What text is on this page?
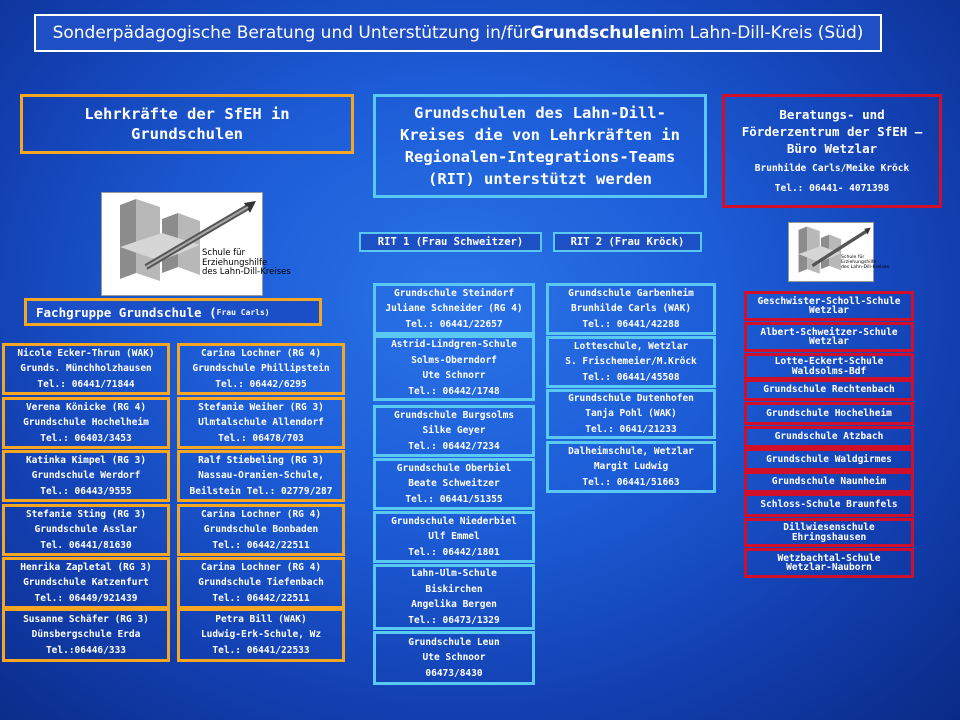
Sonderpädagogische Beratung und Unterstützung in/für Grundschulen im Lahn-Dill-Kreis (Süd)
Lehrkräfte der SfEH in Grundschulen
Grundschulen des Lahn-Dill-Kreises die von Lehrkräften in Regionalen-Integrations-Teams (RIT) unterstützt werden
Beratungs- und Förderzentrum der SfEH – Büro Wetzlar
Brunhilde Carls/Meike Kröck
Tel.: 06441- 4071398
Schule für
Erziehungshilfe
des Lahn-Dill-Kreises
Schule für
Erziehungshilfe
des Lahn-Dill-Kreises
Fachgruppe Grundschule ( Frau Carls)
RIT 1 (Frau Schweitzer)	RIT 2 (Frau Kröck)
Nicole Ecker-Thrun (WAK)
Grunds. Münchholzhausen
Tel.: 06441/71844
Verena Könicke (RG 4)
Grundschule Hochelheim
Tel.: 06403/3453
Katinka Kimpel (RG 3)
Grundschule Werdorf
Tel.: 06443/9555
Stefanie Sting (RG 3)
Grundschule Asslar
Tel. 06441/81630
Henrika Zapletal (RG 3)
Grundschule Katzenfurt
Tel.: 06449/921439
Susanne Schäfer (RG 3)
Dünsbergschule Erda
Tel.:06446/333
Carina Lochner (RG 4)
Grundschule Phillipstein
Tel.: 06442/6295
Stefanie Weiher (RG 3)
Ulmtalschule Allendorf
Tel.: 06478/703
Ralf Stiebeling (RG 3)
Nassau-Oranien-Schule,
Beilstein Tel.: 02779/287
Carina Lochner (RG 4)
Grundschule Bonbaden
Tel.: 06442/22511
Carina Lochner (RG 4)
Grundschule Tiefenbach
Tel.: 06442/22511
Petra Bill (WAK)
Ludwig-Erk-Schule, Wz
Tel.: 06441/22533
Grundschule Steindorf
Juliane Schneider (RG 4)
Tel.: 06441/22657
Astrid-Lindgren-Schule
Solms-Oberndorf
Ute Schnorr
Tel.: 06442/1748
Grundschule Burgsolms
Silke Geyer
Tel.: 06442/7234
Grundschule Oberbiel
Beate Schweitzer
Tel.: 06441/51355
Grundschule Niederbiel
Ulf Emmel
Tel.: 06442/1801
Lahn-Ulm-Schule
Biskirchen
Angelika Bergen
Tel.: 06473/1329
Grundschule Leun
Ute Schnoor
06473/8430
Grundschule Garbenheim
Brunhilde Carls (WAK)
Tel.: 06441/42288
Lotteschule, Wetzlar
S. Frischemeier/M.Kröck
Tel.: 06441/45508
Grundschule Dutenhofen
Tanja Pohl (WAK)
Tel.: 0641/21233
Dalheimschule, Wetzlar
Margit Ludwig
Tel.: 06441/51663
Geschwister-Scholl-Schule
Wetzlar
Albert-Schweitzer-Schule
Wetzlar
Lotte-Eckert-Schule
Waldsolms-Bdf
Grundschule Rechtenbach
Grundschule Hochelheim
Grundschule Atzbach
Grundschule Waldgirmes
Grundschule Naunheim
Schloss-Schule Braunfels
Dillwiesenschule
Ehringshausen
Wetzbachtal-Schule
Wetzlar-Nauborn
